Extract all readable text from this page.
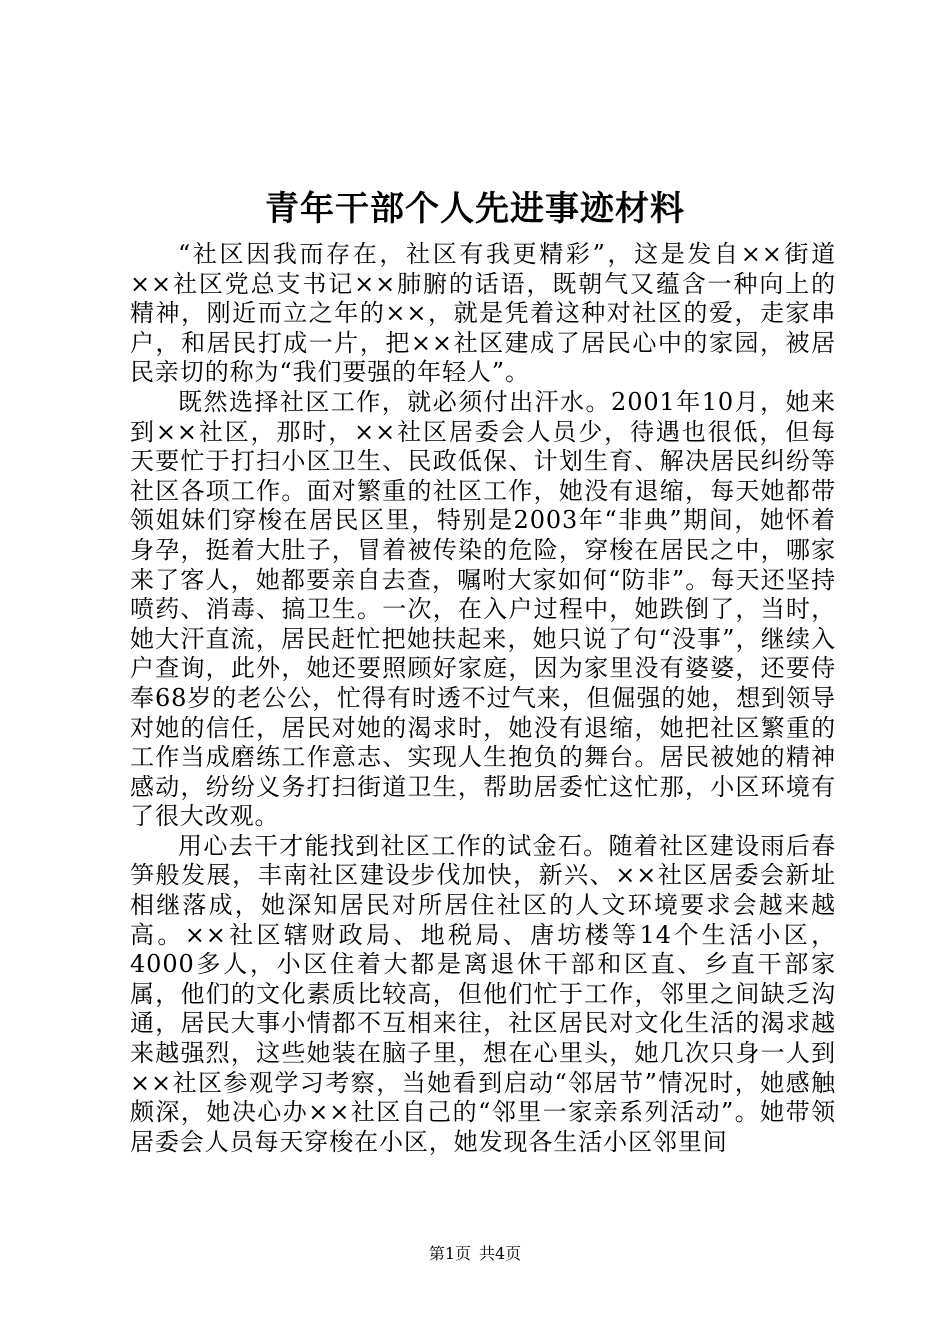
青年干部个人先进事迹材料

“社区因我而存在，社区有我更精彩”，这是发自××街道××社区党总支书记××肺腑的话语，既朝气又蕴含一种向上的精神，刚近而立之年的××，就是凭着这种对社区的爱，走家串户，和居民打成一片，把××社区建成了居民心中的家园，被居民亲切的称为“我们要强的年轻人”。

既然选择社区工作，就必须付出汗水。2001年10月，她来到××社区，那时，××社区居委会人员少，待遇也很低，但每天要忙于打扫小区卫生、民政低保、计划生育、解决居民纠纷等社区各项工作。面对繁重的社区工作，她没有退缩，每天她都带领姐妹们穿梭在居民区里，特别是2003年“非典”期间，她怀着身孕，挺着大肚子，冒着被传染的危险，穿梭在居民之中，哪家来了客人，她都要亲自去查，嘱咐大家如何“防非”。每天还坚持喷药、消毒、搞卫生。一次，在入户过程中，她跌倒了，当时，她大汗直流，居民赶忙把她扶起来，她只说了句“没事”，继续入户查询，此外，她还要照顾好家庭，因为家里没有婆婆，还要侍奉68岁的老公公，忙得有时透不过气来，但倔强的她，想到领导对她的信任，居民对她的渴求时，她没有退缩，她把社区繁重的工作当成磨练工作意志、实现人生抱负的舞台。居民被她的精神感动，纷纷义务打扫街道卫生，帮助居委忙这忙那，小区环境有了很大改观。

用心去干才能找到社区工作的试金石。随着社区建设雨后春笋般发展，丰南社区建设步伐加快，新兴、××社区居委会新址相继落成，她深知居民对所居住社区的人文环境要求会越来越高。××社区辖财政局、地税局、唐坊楼等14个生活小区，4000多人，小区住着大都是离退休干部和区直、乡直干部家属，他们的文化素质比较高，但他们忙于工作，邻里之间缺乏沟通，居民大事小情都不互相来往，社区居民对文化生活的渴求越来越强烈，这些她装在脑子里，想在心里头，她几次只身一人到××社区参观学习考察，当她看到启动“邻居节”情况时，她感触颇深，她决心办××社区自己的“邻里一家亲系列活动”。她带领居委会人员每天穿梭在小区，她发现各生活小区邻里间

第1页 共4页
